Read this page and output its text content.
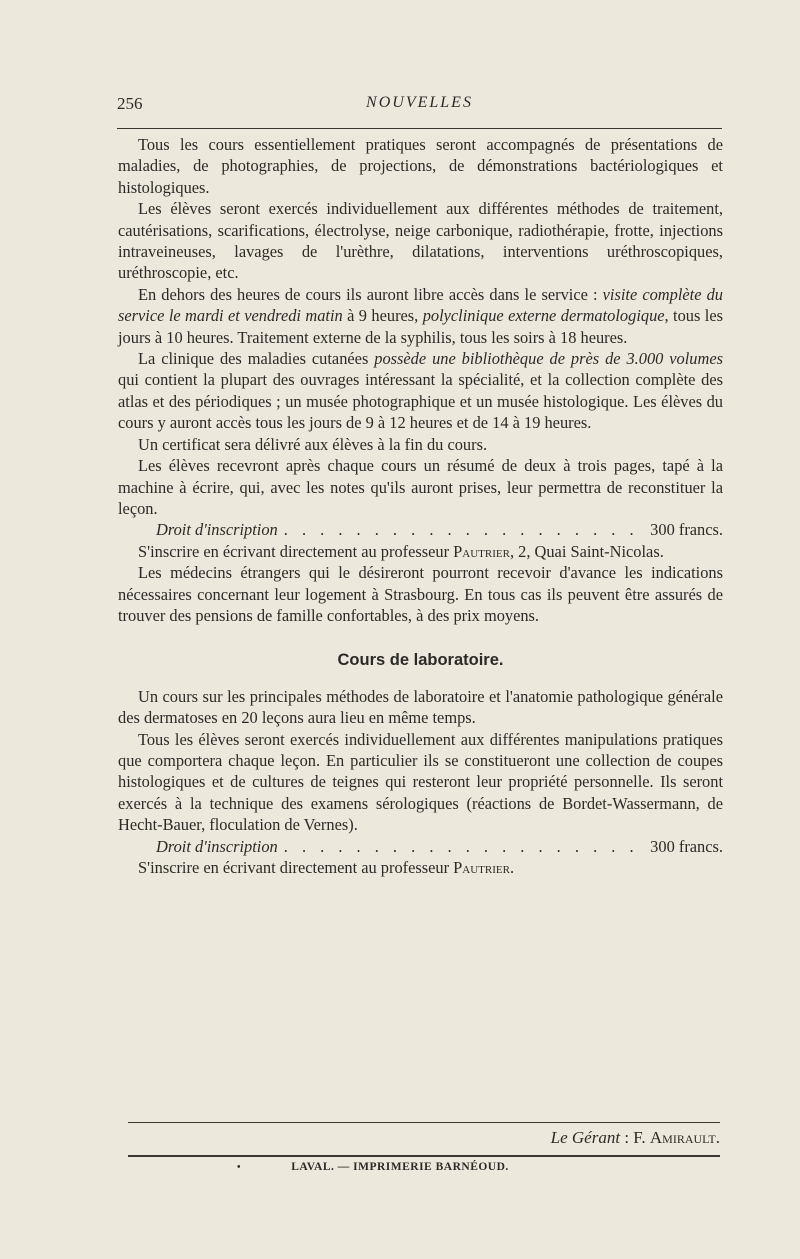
256	NOUVELLES

Tous les cours essentiellement pratiques seront accompagnés de présentations de maladies, de photographies, de projections, de démonstrations bactériologiques et histologiques.

Les élèves seront exercés individuellement aux différentes méthodes de traitement, cautérisations, scarifications, électrolyse, neige carbonique, radiothérapie, frotte, injections intraveineuses, lavages de l'urèthre, dilatations, interventions uréthroscopiques, uréthroscopie, etc.

En dehors des heures de cours ils auront libre accès dans le service : visite complète du service le mardi et vendredi matin à 9 heures, polyclinique externe dermatologique, tous les jours à 10 heures. Traitement externe de la syphilis, tous les soirs à 18 heures.

La clinique des maladies cutanées possède une bibliothèque de près de 3.000 volumes qui contient la plupart des ouvrages intéressant la spécialité, et la collection complète des atlas et des périodiques ; un musée photographique et un musée histologique. Les élèves du cours y auront accès tous les jours de 9 à 12 heures et de 14 à 19 heures.

Un certificat sera délivré aux élèves à la fin du cours.

Les élèves recevront après chaque cours un résumé de deux à trois pages, tapé à la machine à écrire, qui, avec les notes qu'ils auront prises, leur permettra de reconstituer la leçon.

Droit d'inscription . . . . . . . . . . . . . . . . . . . . 300 francs.

S'inscrire en écrivant directement au professeur Pautrier, 2, Quai Saint-Nicolas.

Les médecins étrangers qui le désireront pourront recevoir d'avance les indications nécessaires concernant leur logement à Strasbourg. En tous cas ils peuvent être assurés de trouver des pensions de famille confortables, à des prix moyens.

Cours de laboratoire.

Un cours sur les principales méthodes de laboratoire et l'anatomie pathologique générale des dermatoses en 20 leçons aura lieu en même temps.

Tous les élèves seront exercés individuellement aux différentes manipulations pratiques que comportera chaque leçon. En particulier ils se constitueront une collection de coupes histologiques et de cultures de teignes qui resteront leur propriété personnelle. Ils seront exercés à la technique des examens sérologiques (réactions de Bordet-Wassermann, de Hecht-Bauer, floculation de Vernes).

Droit d'inscription . . . . . . . . . . . . . . . . . . . . 300 francs.

S'inscrire en écrivant directement au professeur Pautrier.

Le Gérant : F. Amirault.
•	LAVAL. — IMPRIMERIE BARNÉOUD.
